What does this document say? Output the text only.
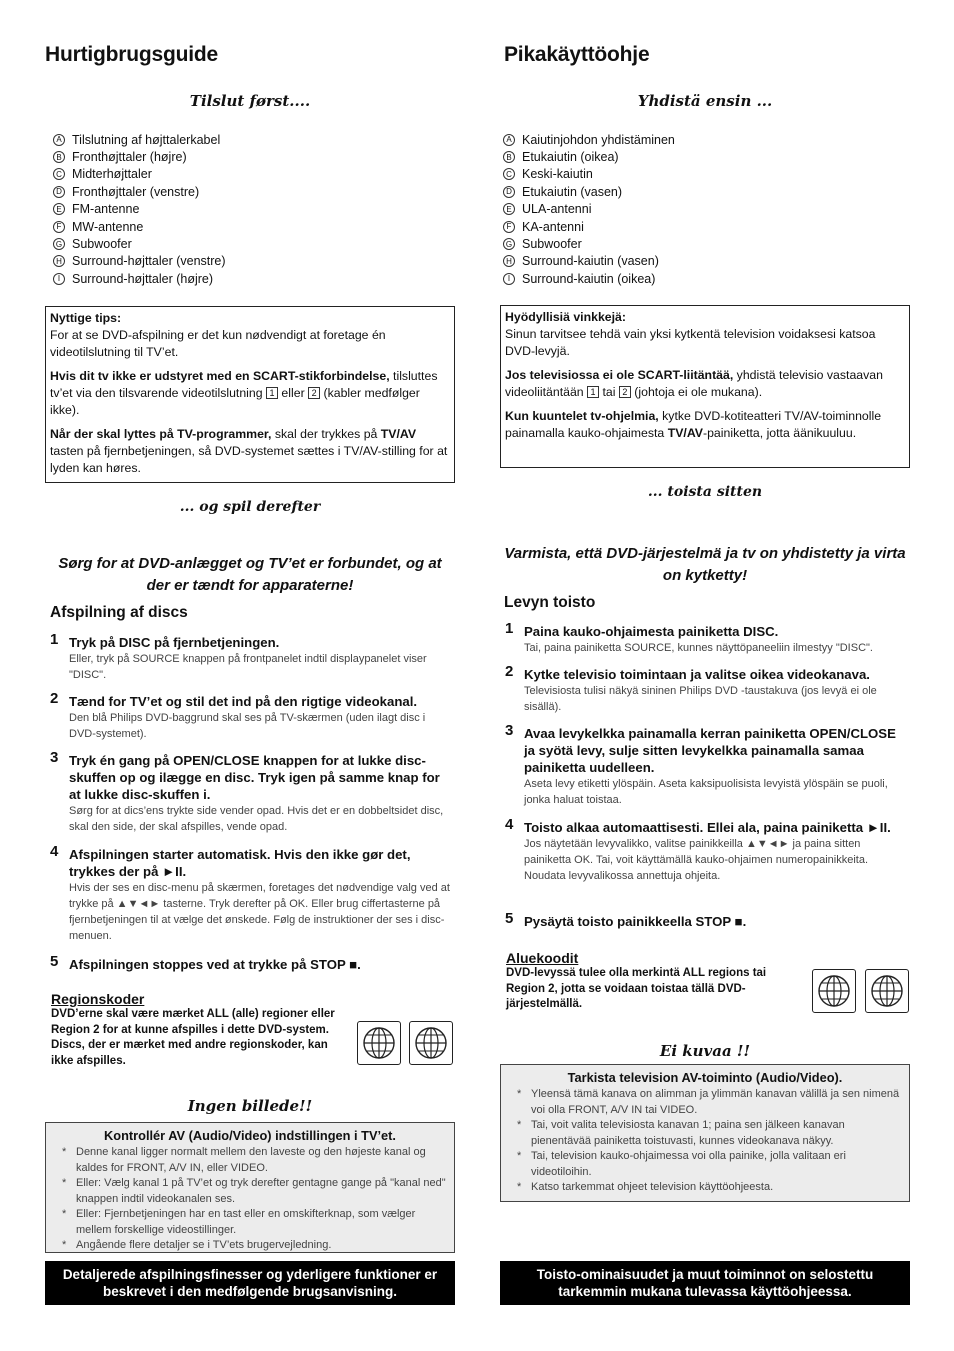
Hurtigbrugsguide
Tilslut først....
A Tilslutning af højttalerkabel
B Fronthøjttaler (højre)
C Midterhøjttaler
D Fronthøjttaler (venstre)
E FM-antenne
F MW-antenne
G Subwoofer
H Surround-højttaler (venstre)
I Surround-højttaler (højre)

Nyttige tips:
For at se DVD-afspilning er det kun nødvendigt at foretage én videotilslutning til TV’et.

Hvis dit tv ikke er udstyret med en SCART-stikforbindelse, tilsluttes tv’et via den tilsvarende videotilslutning 1 eller 2 (kabler medfølger ikke).

Når der skal lyttes på TV-programmer, skal der trykkes på TV/AV tasten på fjernbetjeningen, så DVD-systemet sættes i TV/AV-stilling for at lyden kan høres.

... og spil derefter
Sørg for at DVD-anlægget og TV’et er forbundet, og at der er tændt for apparaterne!
Afspilning af discs
1 Tryk på DISC på fjernbetjeningen.
Eller, tryk på SOURCE knappen på frontpanelet indtil displaypanelet viser "DISC".
2 Tænd for TV’et og stil det ind på den rigtige videokanal.
Den blå Philips DVD-baggrund skal ses på TV-skærmen (uden ilagt disc i DVD-systemet).
3 Tryk én gang på OPEN/CLOSE knappen for at lukke disc-skuffen op og ilægge en disc. Tryk igen på samme knap for at lukke disc-skuffen i.
Sørg for at dics’ens trykte side vender opad. Hvis det er en dobbeltsidet disc, skal den side, der skal afspilles, vende opad.
4 Afspilningen starter automatisk. Hvis den ikke gør det, trykkes der på ►II.
Hvis der ses en disc-menu på skærmen, foretages det nødvendige valg ved at trykke på ▲▼◄► tasterne. Tryk derefter på OK. Eller brug ciffertasterne på fjernbetjeningen til at vælge det ønskede. Følg de instruktioner der ses i disc-menuen.
5 Afspilningen stoppes ved at trykke på STOP ■.
Regionskoder
DVD’erne skal være mærket ALL (alle) regioner eller Region 2 for at kunne afspilles i dette DVD-system. Discs, der er mærket med andre regionskoder, kan ikke afspilles.
Ingen billede!!
Kontrollér AV (Audio/Video) indstillingen i TV’et.
* Denne kanal ligger normalt mellem den laveste og den højeste kanal og kaldes for FRONT, A/V IN, eller VIDEO.
* Eller: Vælg kanal 1 på TV’et og tryk derefter gentagne gange på "kanal ned" knappen indtil videokanalen ses.
* Eller: Fjernbetjeningen har en tast eller en omskifterknap, som vælger mellem forskellige videostillinger.
* Angående flere detaljer se i TV’ets brugervejledning.
Detaljerede afspilningsfinesser og yderligere funktioner er beskrevet i den medfølgende brugsanvisning.
Pikakäyttöohje
Yhdistä ensin ...
A Kaiutinjohdon yhdistäminen
B Etukaiutin (oikea)
C Keski-kaiutin
D Etukaiutin (vasen)
E ULA-antenni
F KA-antenni
G Subwoofer
H Surround-kaiutin (vasen)
I Surround-kaiutin (oikea)

Hyödyllisiä vinkkejä:
Sinun tarvitsee tehdä vain yksi kytkentä television voidaksesi katsoa DVD-levyjä.

Jos televisiossa ei ole SCART-liitäntää, yhdistä televisio vastaavan videoliitäntään 1 tai 2 (johtoja ei ole mukana).

Kun kuuntelet tv-ohjelmia, kytke DVD-kotiteatteri TV/AV-toiminnolle painamalla kauko-ohjaimesta TV/AV-painiketta, jotta äänikuuluu.

... toista sitten
Varmista, että DVD-järjestelmä ja tv on yhdistetty ja virta on kytketty!
Levyn toisto
1 Paina kauko-ohjaimesta painiketta DISC.
Tai, paina painiketta SOURCE, kunnes näyttöpaneeliin ilmestyy "DISC".
2 Kytke televisio toimintaan ja valitse oikea videokanava.
Televisiosta tulisi näkyä sininen Philips DVD -taustakuva (jos levyä ei ole sisällä).
3 Avaa levykelkka painamalla kerran painiketta OPEN/CLOSE ja syötä levy, sulje sitten levykelkka painamalla samaa painiketta uudelleen.
Aseta levy etiketti ylöspäin. Aseta kaksipuolisista levyistä ylöspäin se puoli, jonka haluat toistaa.
4 Toisto alkaa automaattisesti. Ellei ala, paina painiketta ►II.
Jos näytetään levyvalikko, valitse painikkeilla ▲▼◄► ja paina sitten painiketta OK. Tai, voit käyttämällä kauko-ohjaimen numeropainikkeita. Noudata levyvalikossa annettuja ohjeita.
5 Pysäytä toisto painikkeella STOP ■.
Aluekoodit
DVD-levyssä tulee olla merkintä ALL regions tai Region 2, jotta se voidaan toistaa tällä DVD-järjestelmällä.
Ei kuvaa !!
Tarkista television AV-toiminto (Audio/Video).
* Yleensä tämä kanava on alimman ja ylimmän kanavan välillä ja sen nimenä voi olla FRONT, A/V IN tai VIDEO.
* Tai, voit valita televisiosta kanavan 1; paina sen jälkeen kanavan pienentävää painiketta toistuvasti, kunnes videokanava näkyy.
* Tai, television kauko-ohjaimessa voi olla painike, jolla valitaan eri videotiloihin.
* Katso tarkemmat ohjeet television käyttöohjeesta.
Toisto-ominaisuudet ja muut toiminnot on selostettu tarkemmin mukana tulevassa käyttöohjeessa.
